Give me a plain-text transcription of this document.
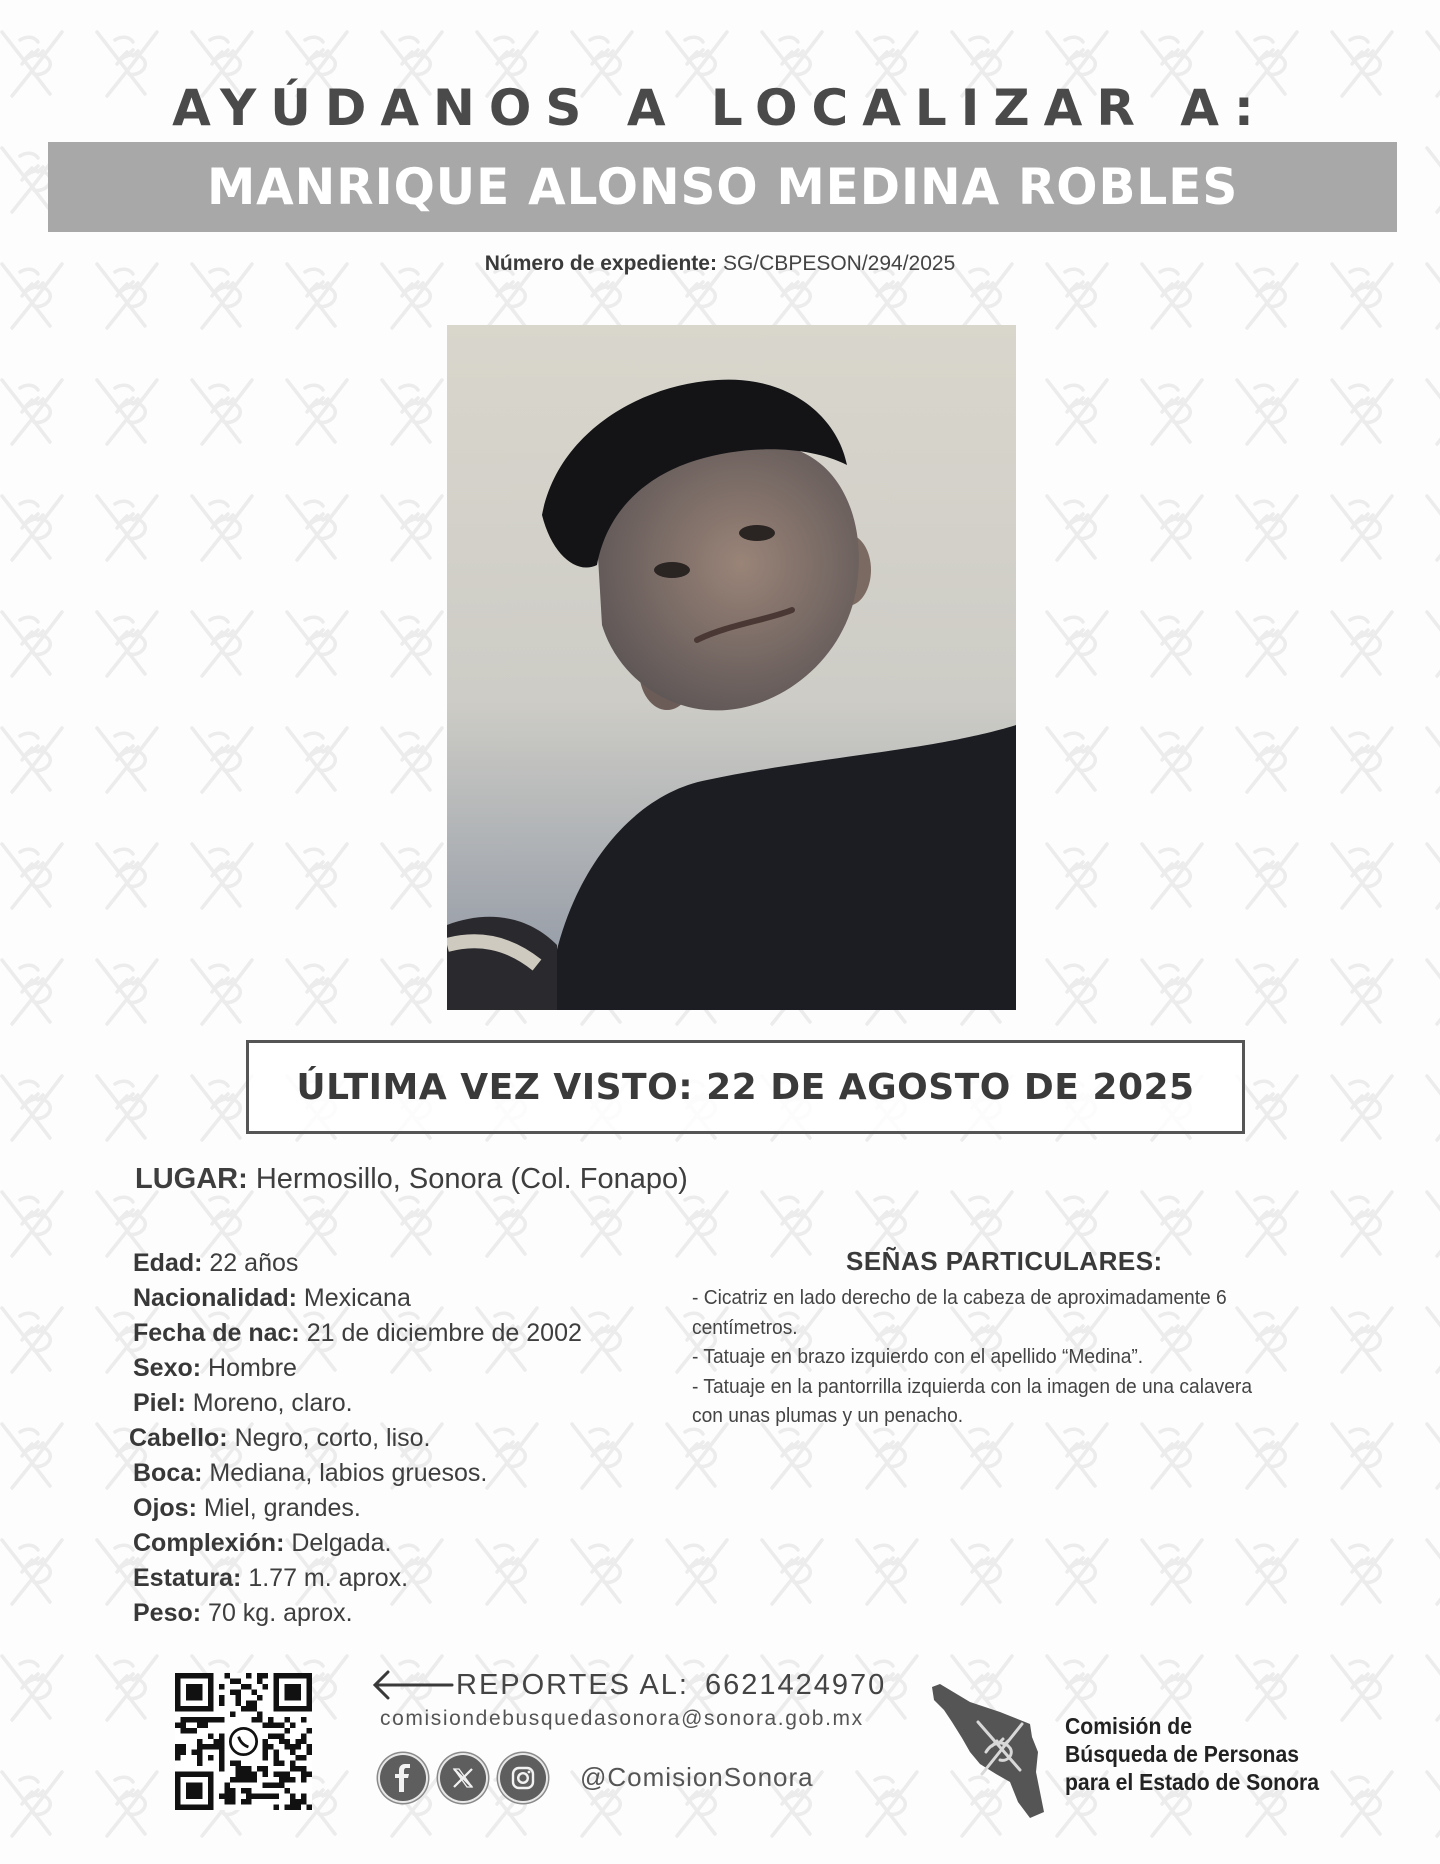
AYÚDANOS A LOCALIZAR A:
MANRIQUE ALONSO MEDINA ROBLES
Número de expediente: SG/CBPESON/294/2025
ÚLTIMA VEZ VISTO: 22 DE AGOSTO DE 2025
LUGAR: Hermosillo, Sonora (Col. Fonapo)
Edad: 22 años
Nacionalidad: Mexicana
Fecha de nac: 21 de diciembre de 2002
Sexo: Hombre
Piel: Moreno, claro.
Cabello: Negro, corto, liso.
Boca: Mediana, labios gruesos.
Ojos: Miel, grandes.
Complexión: Delgada.
Estatura: 1.77 m. aprox.
Peso: 70 kg. aprox.
SEÑAS PARTICULARES:
- Cicatriz en lado derecho de la cabeza de aproximadamente 6
centímetros.
- Tatuaje en brazo izquierdo con el apellido “Medina”.
- Tatuaje en la pantorrilla izquierda con la imagen de una calavera
con unas plumas y un penacho.
REPORTES AL: 6621424970
comisiondebusquedasonora@sonora.gob.mx
@ComisionSonora
Comisión de
Búsqueda de Personas
para el Estado de Sonora
